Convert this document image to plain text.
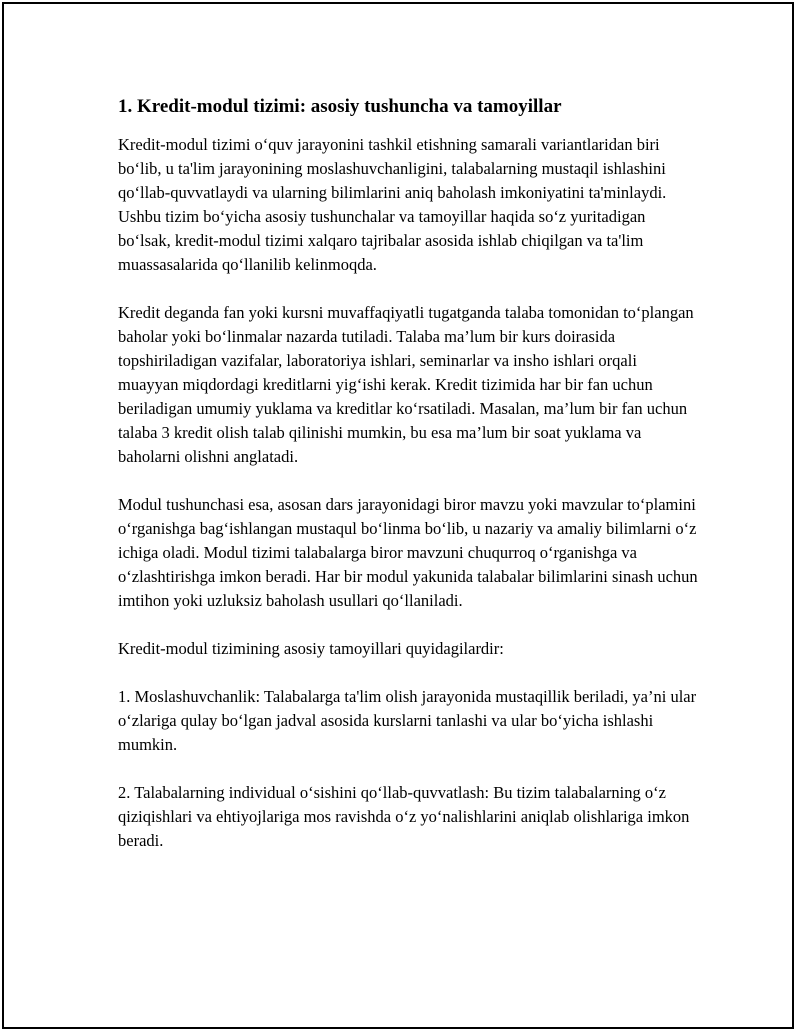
1. Kredit-modul tizimi: asosiy tushuncha va tamoyillar

Kredit-modul tizimi o‘quv jarayonini tashkil etishning samarali variantlaridan biri bo‘lib, u ta'lim jarayonining moslashuvchanligini, talabalarning mustaqil ishlashini qo‘llab-quvvatlaydi va ularning bilimlarini aniq baholash imkoniyatini ta'minlaydi. Ushbu tizim bo‘yicha asosiy tushunchalar va tamoyillar haqida so‘z yuritadigan bo‘lsak, kredit-modul tizimi xalqaro tajribalar asosida ishlab chiqilgan va ta'lim muassasalarida qo‘llanilib kelinmoqda.

Kredit deganda fan yoki kursni muvaffaqiyatli tugatganda talaba tomonidan to‘plangan baholar yoki bo‘linmalar nazarda tutiladi. Talaba ma’lum bir kurs doirasida topshiriladigan vazifalar, laboratoriya ishlari, seminarlar va insho ishlari orqali muayyan miqdordagi kreditlarni yig‘ishi kerak. Kredit tizimida har bir fan uchun beriladigan umumiy yuklama va kreditlar ko‘rsatiladi. Masalan, ma’lum bir fan uchun talaba 3 kredit olish talab qilinishi mumkin, bu esa ma’lum bir soat yuklama va baholarni olishni anglatadi.

Modul tushunchasi esa, asosan dars jarayonidagi biror mavzu yoki mavzular to‘plamini o‘rganishga bag‘ishlangan mustaqul bo‘linma bo‘lib, u nazariy va amaliy bilimlarni o‘z ichiga oladi. Modul tizimi talabalarga biror mavzuni chuqurroq o‘rganishga va o‘zlashtirishga imkon beradi. Har bir modul yakunida talabalar bilimlarini sinash uchun imtihon yoki uzluksiz baholash usullari qo‘llaniladi.

Kredit-modul tizimining asosiy tamoyillari quyidagilardir:

1. Moslashuvchanlik: Talabalarga ta'lim olish jarayonida mustaqillik beriladi, ya’ni ular o‘zlariga qulay bo‘lgan jadval asosida kurslarni tanlashi va ular bo‘yicha ishlashi mumkin.

2. Talabalarning individual o‘sishini qo‘llab-quvvatlash: Bu tizim talabalarning o‘z qiziqishlari va ehtiyojlariga mos ravishda o‘z yo‘nalishlarini aniqlab olishlariga imkon beradi.
